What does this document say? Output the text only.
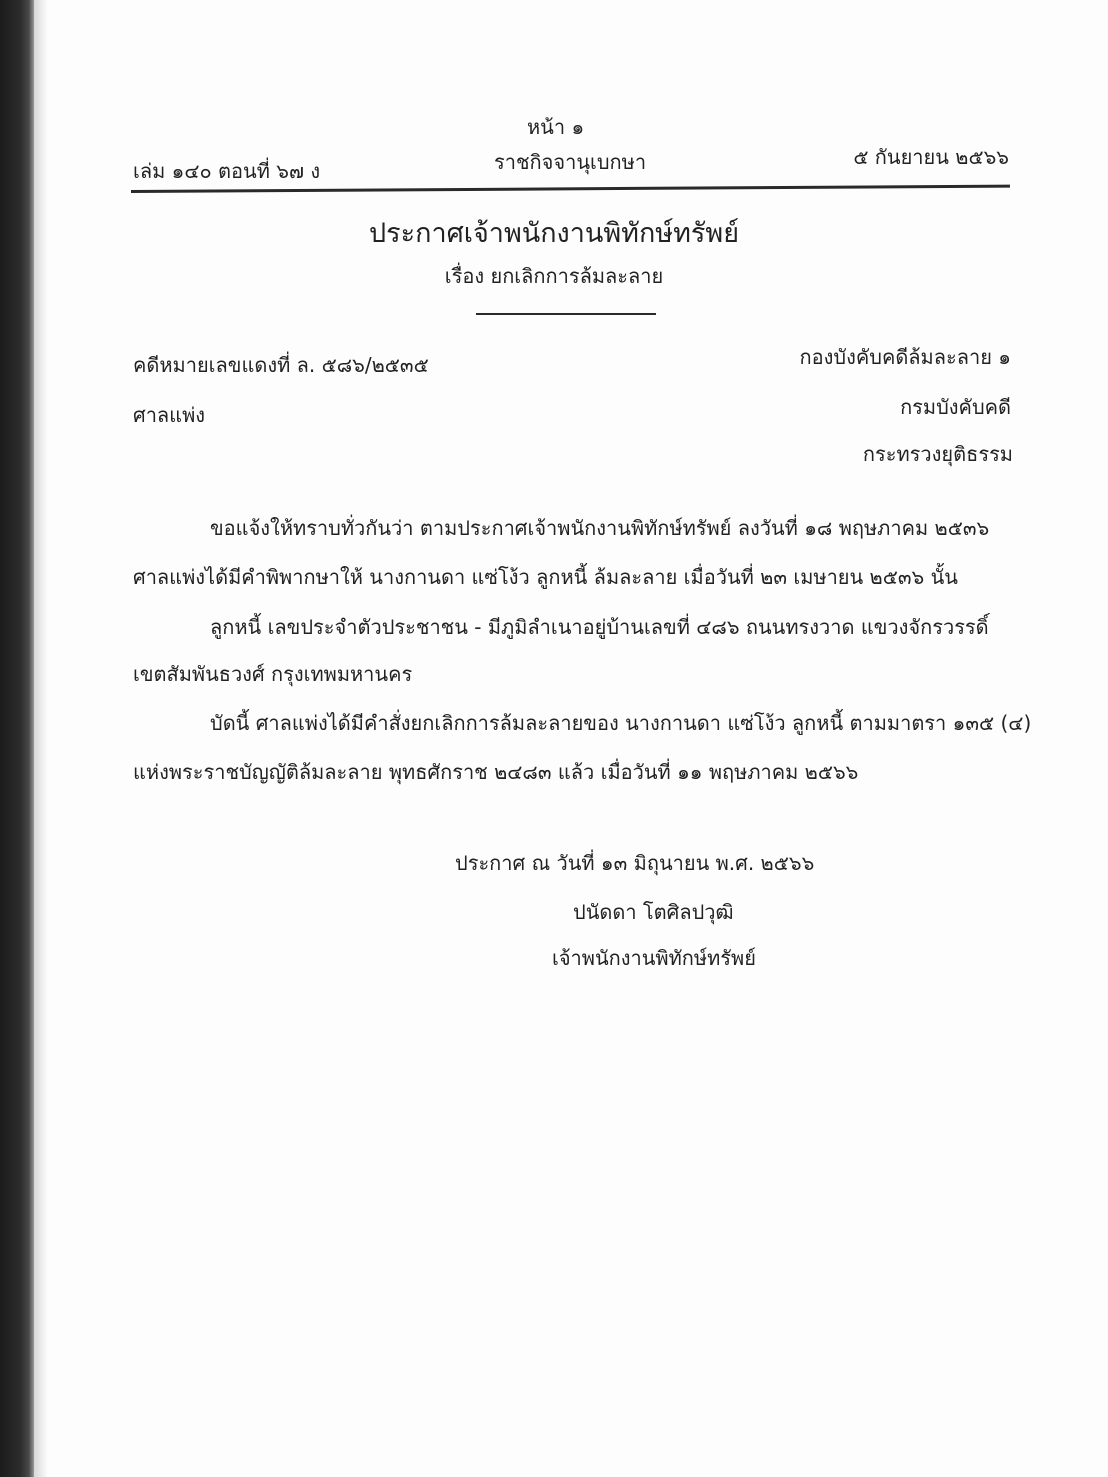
หน้า ๑
เล่ม ๑๔๐ ตอนที่ ๖๗ ง	ราชกิจจานุเบกษา	๕ กันยายน ๒๕๖๖
ประกาศเจ้าพนักงานพิทักษ์ทรัพย์
เรื่อง ยกเลิกการล้มละลาย
คดีหมายเลขแดงที่ ล. ๕๘๖/๒๕๓๕
ศาลแพ่ง
กองบังคับคดีล้มละลาย ๑
กรมบังคับคดี
กระทรวงยุติธรรม
ขอแจ้งให้ทราบทั่วกันว่า ตามประกาศเจ้าพนักงานพิทักษ์ทรัพย์ ลงวันที่ ๑๘ พฤษภาคม ๒๕๓๖
ศาลแพ่งได้มีคำพิพากษาให้ นางกานดา แซ่โง้ว ลูกหนี้ ล้มละลาย เมื่อวันที่ ๒๓ เมษายน ๒๕๓๖ นั้น
ลูกหนี้ เลขประจำตัวประชาชน - มีภูมิลำเนาอยู่บ้านเลขที่ ๔๘๖ ถนนทรงวาด แขวงจักรวรรดิ์
เขตสัมพันธวงศ์ กรุงเทพมหานคร
บัดนี้ ศาลแพ่งได้มีคำสั่งยกเลิกการล้มละลายของ นางกานดา แซ่โง้ว ลูกหนี้ ตามมาตรา ๑๓๕ (๔)
แห่งพระราชบัญญัติล้มละลาย พุทธศักราช ๒๔๘๓ แล้ว เมื่อวันที่ ๑๑ พฤษภาคม ๒๕๖๖
ประกาศ ณ วันที่ ๑๓ มิถุนายน พ.ศ. ๒๕๖๖
ปนัดดา โตศิลปวุฒิ
เจ้าพนักงานพิทักษ์ทรัพย์
